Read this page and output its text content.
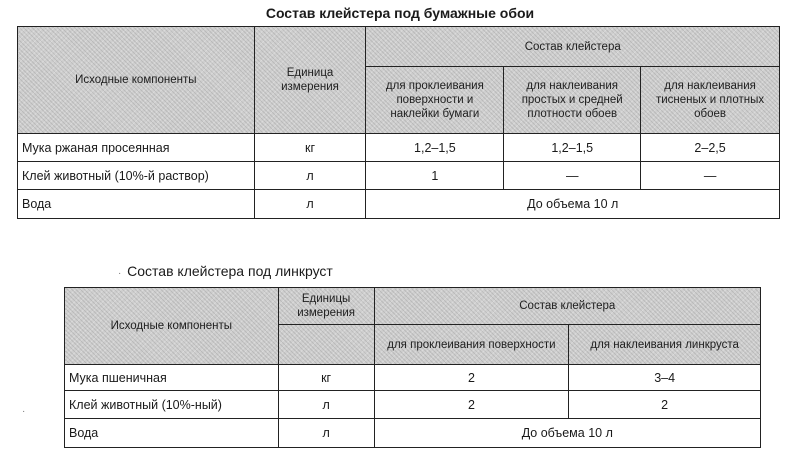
Состав клейстера под бумажные обои
Исходные компоненты	Единица измерения	Состав клейстера		
		для проклеивания поверхности и наклейки бумаги	для наклеивания простых и средней плотности обоев	для наклеивания тисненых и плотных обоев
Мука ржаная просеянная	кг	1,2–1,5	1,2–1,5	2–2,5
Клей животный (10%-й раствор)	л	1	—	—
Вода	л	До объема 10 л		
·
·
Состав клейстера под линкруст
Исходные компоненты	Единицы измерения	Состав клейстера	
		для проклеивания поверхности	для наклеивания линкруста
Мука пшеничная	кг	2	3–4
Клей животный (10%-ный)	л	2	2
Вода	л	До объема 10 л	
